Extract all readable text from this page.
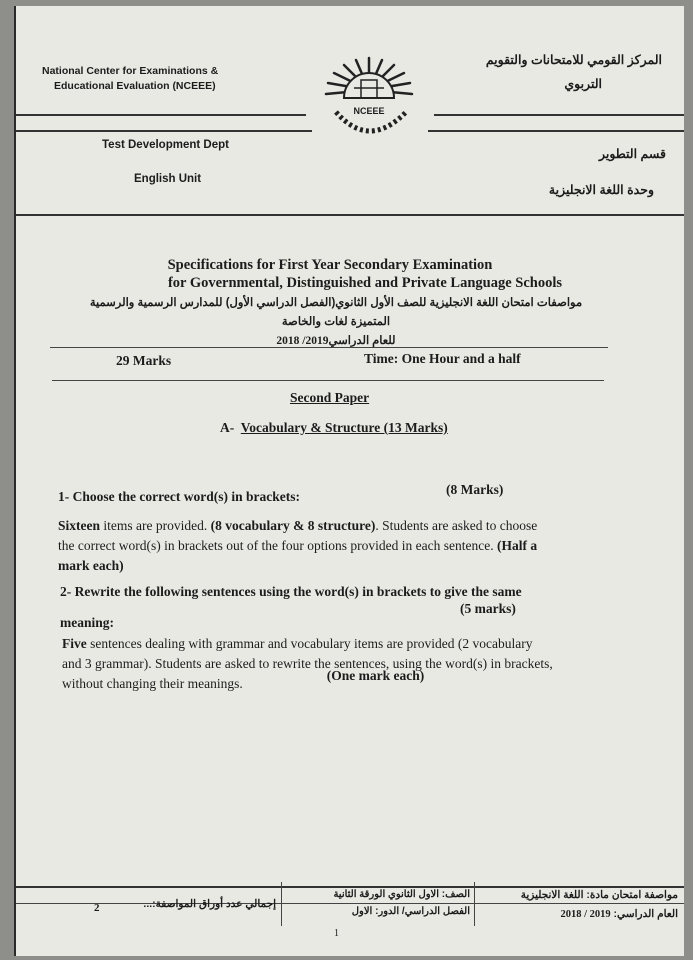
National Center for Examinations &
Educational Evaluation (NCEEE)
المركز القومي للامتحانات والتقويم
التربوي
NCEEE
Test Development Dept
قسم التطوير
English Unit
وحدة اللغة الانجليزية
Specifications for First Year Secondary Examination
for Governmental, Distinguished and Private Language Schools
مواصفات امتحان اللغة الانجليزية للصف الأول الثانوي(الفصل الدراسي الأول) للمدارس الرسمية والرسمية
المتميزة لغات والخاصة
للعام الدراسي2019/ 2018
29 Marks	Time: One Hour and a half
Second Paper
A- Vocabulary & Structure (13 Marks)
1- Choose the correct word(s) in brackets:	(8 Marks)
Sixteen items are provided. (8 vocabulary & 8 structure). Students are asked to choose
the correct word(s) in brackets out of the four options provided in each sentence. (Half a
mark each)
2- Rewrite the following sentences using the word(s) in brackets to give the same
(5 marks)
meaning:
Five sentences dealing with grammar and vocabulary items are provided (2 vocabulary
and 3 grammar). Students are asked to rewrite the sentences, using the word(s) in brackets,
without changing their meanings.(One mark each)
إجمالي عدد أوراق المواصفة:...
2
الصف: الاول الثانوي الورقة الثانية
الفصل الدراسي/ الدور: الاول
مواصفة امتحان مادة: اللغة الانجليزية
العام الدراسي: 2019 / 2018
1
